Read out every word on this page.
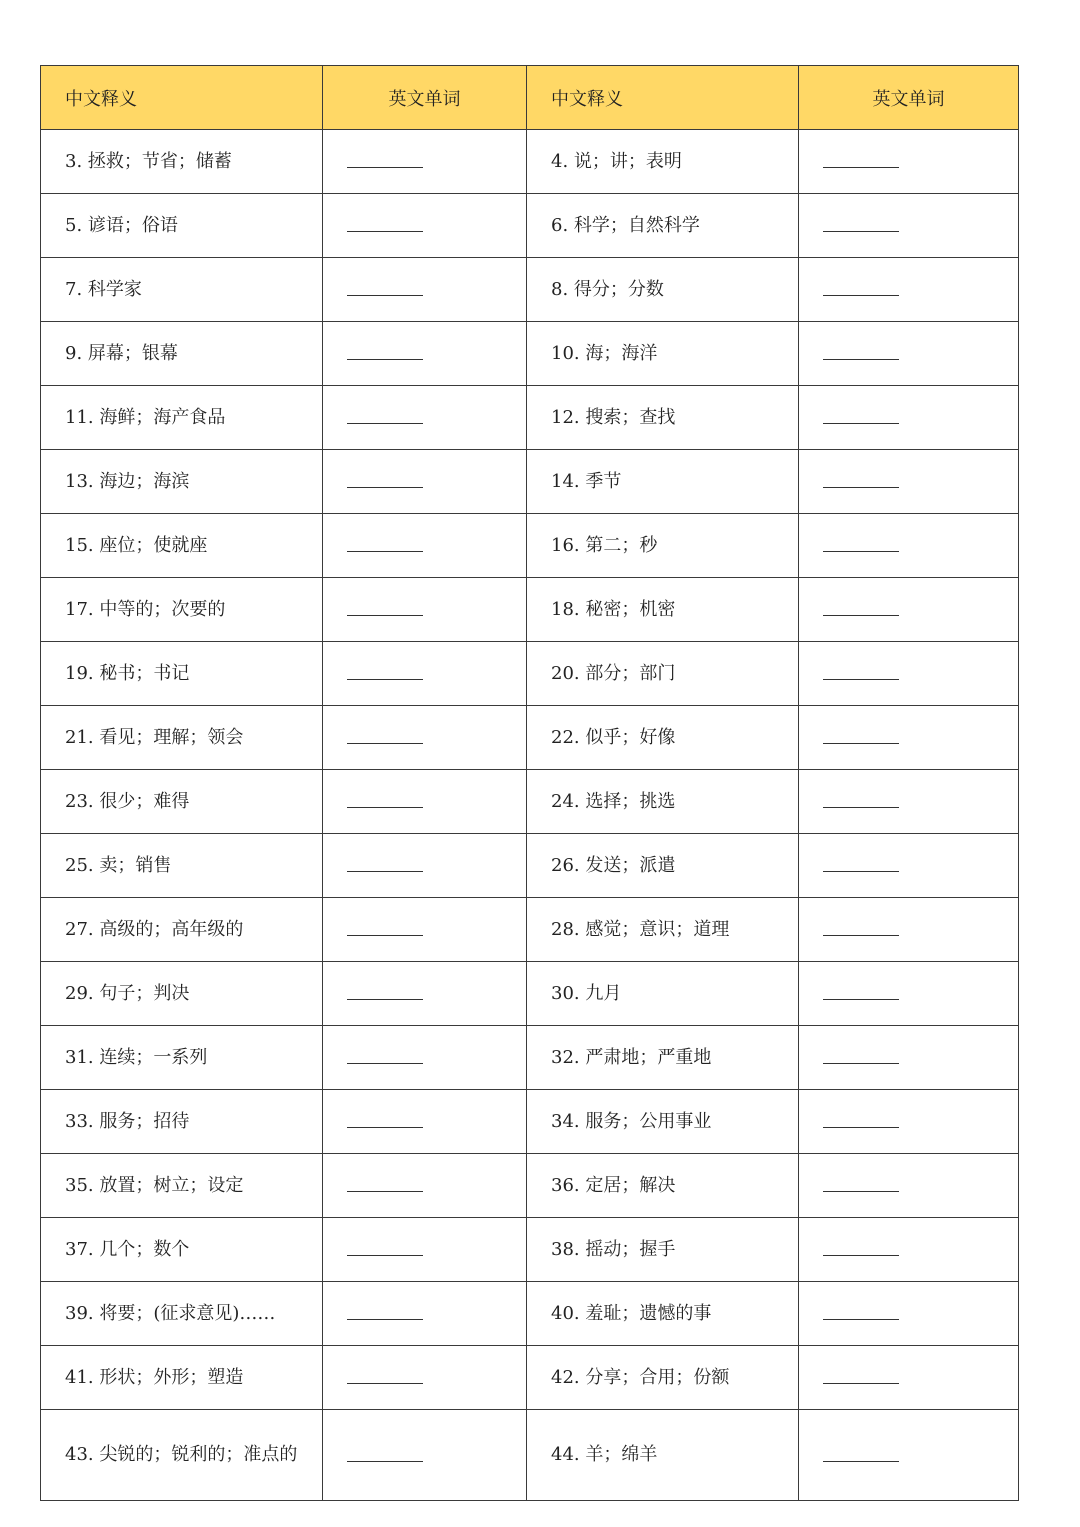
中文释义	英文单词	中文释义	英文单词
3. 拯救；节省；储蓄		4. 说；讲；表明	
5. 谚语；俗语		6. 科学；自然科学	
7. 科学家		8. 得分；分数	
9. 屏幕；银幕		10. 海；海洋	
11. 海鲜；海产食品		12. 搜索；查找	
13. 海边；海滨		14. 季节	
15. 座位；使就座		16. 第二；秒	
17. 中等的；次要的		18. 秘密；机密	
19. 秘书；书记		20. 部分；部门	
21. 看见；理解；领会		22. 似乎；好像	
23. 很少；难得		24. 选择；挑选	
25. 卖；销售		26. 发送；派遣	
27. 高级的；高年级的		28. 感觉；意识；道理	
29. 句子；判决		30. 九月	
31. 连续；一系列		32. 严肃地；严重地	
33. 服务；招待		34. 服务；公用事业	
35. 放置；树立；设定		36. 定居；解决	
37. 几个；数个		38. 摇动；握手	
39. 将要；(征求意见)……		40. 羞耻；遗憾的事	
41. 形状；外形；塑造		42. 分享；合用；份额	
43. 尖锐的；锐利的；准点的		44. 羊；绵羊	
